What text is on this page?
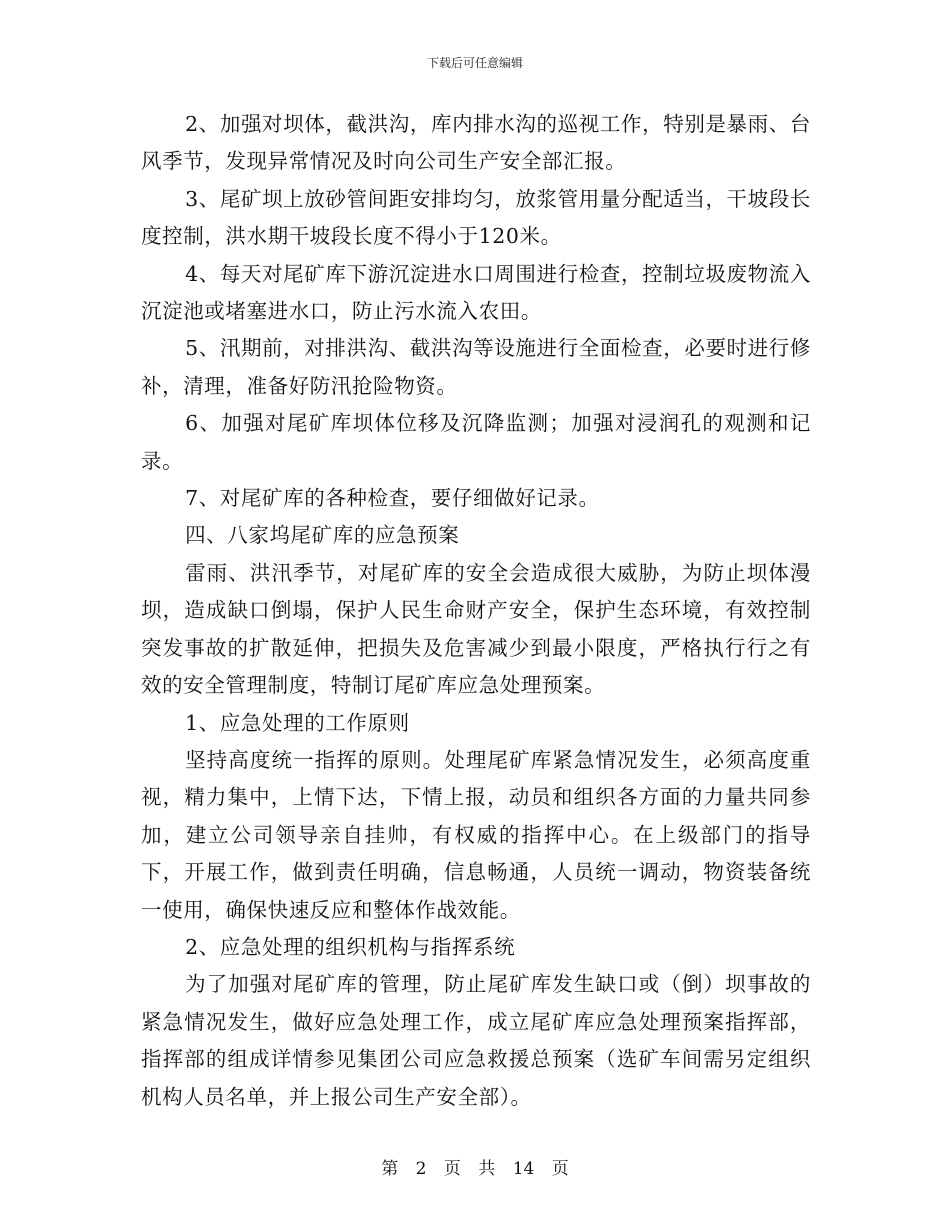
下载后可任意编辑

2、加强对坝体，截洪沟，库内排水沟的巡视工作，特别是暴雨、台风季节，发现异常情况及时向公司生产安全部汇报。

3、尾矿坝上放砂管间距安排均匀，放浆管用量分配适当，干坡段长度控制，洪水期干坡段长度不得小于120米。

4、每天对尾矿库下游沉淀进水口周围进行检查，控制垃圾废物流入沉淀池或堵塞进水口，防止污水流入农田。

5、汛期前，对排洪沟、截洪沟等设施进行全面检查，必要时进行修补，清理，准备好防汛抢险物资。

6、加强对尾矿库坝体位移及沉降监测；加强对浸润孔的观测和记录。

7、对尾矿库的各种检查，要仔细做好记录。

四、八家坞尾矿库的应急预案

雷雨、洪汛季节，对尾矿库的安全会造成很大威胁，为防止坝体漫坝，造成缺口倒塌，保护人民生命财产安全，保护生态环境，有效控制突发事故的扩散延伸，把损失及危害减少到最小限度，严格执行行之有效的安全管理制度，特制订尾矿库应急处理预案。

1、应急处理的工作原则

坚持高度统一指挥的原则。处理尾矿库紧急情况发生，必须高度重视，精力集中，上情下达，下情上报，动员和组织各方面的力量共同参加，建立公司领导亲自挂帅，有权威的指挥中心。在上级部门的指导下，开展工作，做到责任明确，信息畅通，人员统一调动，物资装备统一使用，确保快速反应和整体作战效能。

2、应急处理的组织机构与指挥系统

为了加强对尾矿库的管理，防止尾矿库发生缺口或（倒）坝事故的紧急情况发生，做好应急处理工作，成立尾矿库应急处理预案指挥部，指挥部的组成详情参见集团公司应急救援总预案（选矿车间需另定组织机构人员名单，并上报公司生产安全部）。

第 2 页 共 14 页
